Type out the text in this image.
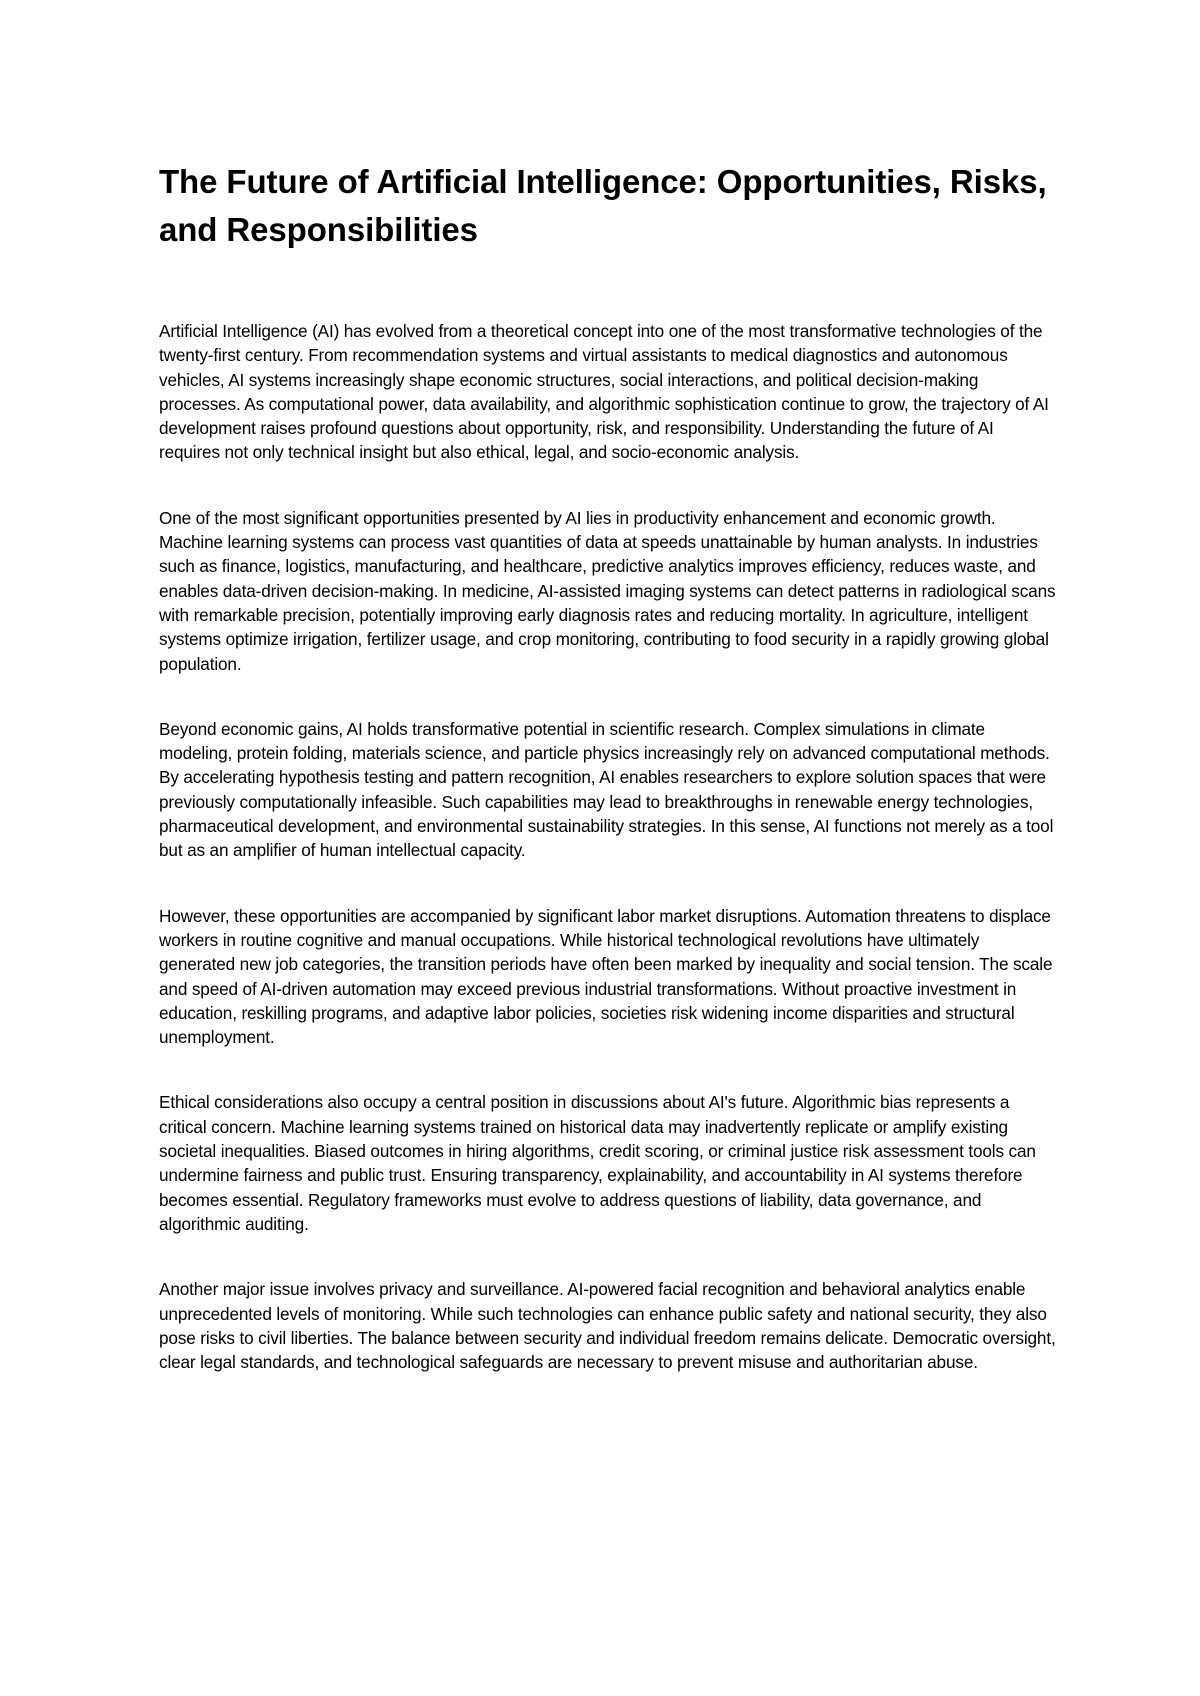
The Future of Artificial Intelligence: Opportunities, Risks, and Responsibilities

Artificial Intelligence (AI) has evolved from a theoretical concept into one of the most transformative technologies of the twenty-first century. From recommendation systems and virtual assistants to medical diagnostics and autonomous vehicles, AI systems increasingly shape economic structures, social interactions, and political decision-making processes. As computational power, data availability, and algorithmic sophistication continue to grow, the trajectory of AI development raises profound questions about opportunity, risk, and responsibility. Understanding the future of AI requires not only technical insight but also ethical, legal, and socio-economic analysis.

One of the most significant opportunities presented by AI lies in productivity enhancement and economic growth. Machine learning systems can process vast quantities of data at speeds unattainable by human analysts. In industries such as finance, logistics, manufacturing, and healthcare, predictive analytics improves efficiency, reduces waste, and enables data-driven decision-making. In medicine, AI-assisted imaging systems can detect patterns in radiological scans with remarkable precision, potentially improving early diagnosis rates and reducing mortality. In agriculture, intelligent systems optimize irrigation, fertilizer usage, and crop monitoring, contributing to food security in a rapidly growing global population.

Beyond economic gains, AI holds transformative potential in scientific research. Complex simulations in climate modeling, protein folding, materials science, and particle physics increasingly rely on advanced computational methods. By accelerating hypothesis testing and pattern recognition, AI enables researchers to explore solution spaces that were previously computationally infeasible. Such capabilities may lead to breakthroughs in renewable energy technologies, pharmaceutical development, and environmental sustainability strategies. In this sense, AI functions not merely as a tool but as an amplifier of human intellectual capacity.

However, these opportunities are accompanied by significant labor market disruptions. Automation threatens to displace workers in routine cognitive and manual occupations. While historical technological revolutions have ultimately generated new job categories, the transition periods have often been marked by inequality and social tension. The scale and speed of AI-driven automation may exceed previous industrial transformations. Without proactive investment in education, reskilling programs, and adaptive labor policies, societies risk widening income disparities and structural unemployment.

Ethical considerations also occupy a central position in discussions about AI's future. Algorithmic bias represents a critical concern. Machine learning systems trained on historical data may inadvertently replicate or amplify existing societal inequalities. Biased outcomes in hiring algorithms, credit scoring, or criminal justice risk assessment tools can undermine fairness and public trust. Ensuring transparency, explainability, and accountability in AI systems therefore becomes essential. Regulatory frameworks must evolve to address questions of liability, data governance, and algorithmic auditing.

Another major issue involves privacy and surveillance. AI-powered facial recognition and behavioral analytics enable unprecedented levels of monitoring. While such technologies can enhance public safety and national security, they also pose risks to civil liberties. The balance between security and individual freedom remains delicate. Democratic oversight, clear legal standards, and technological safeguards are necessary to prevent misuse and authoritarian abuse.
